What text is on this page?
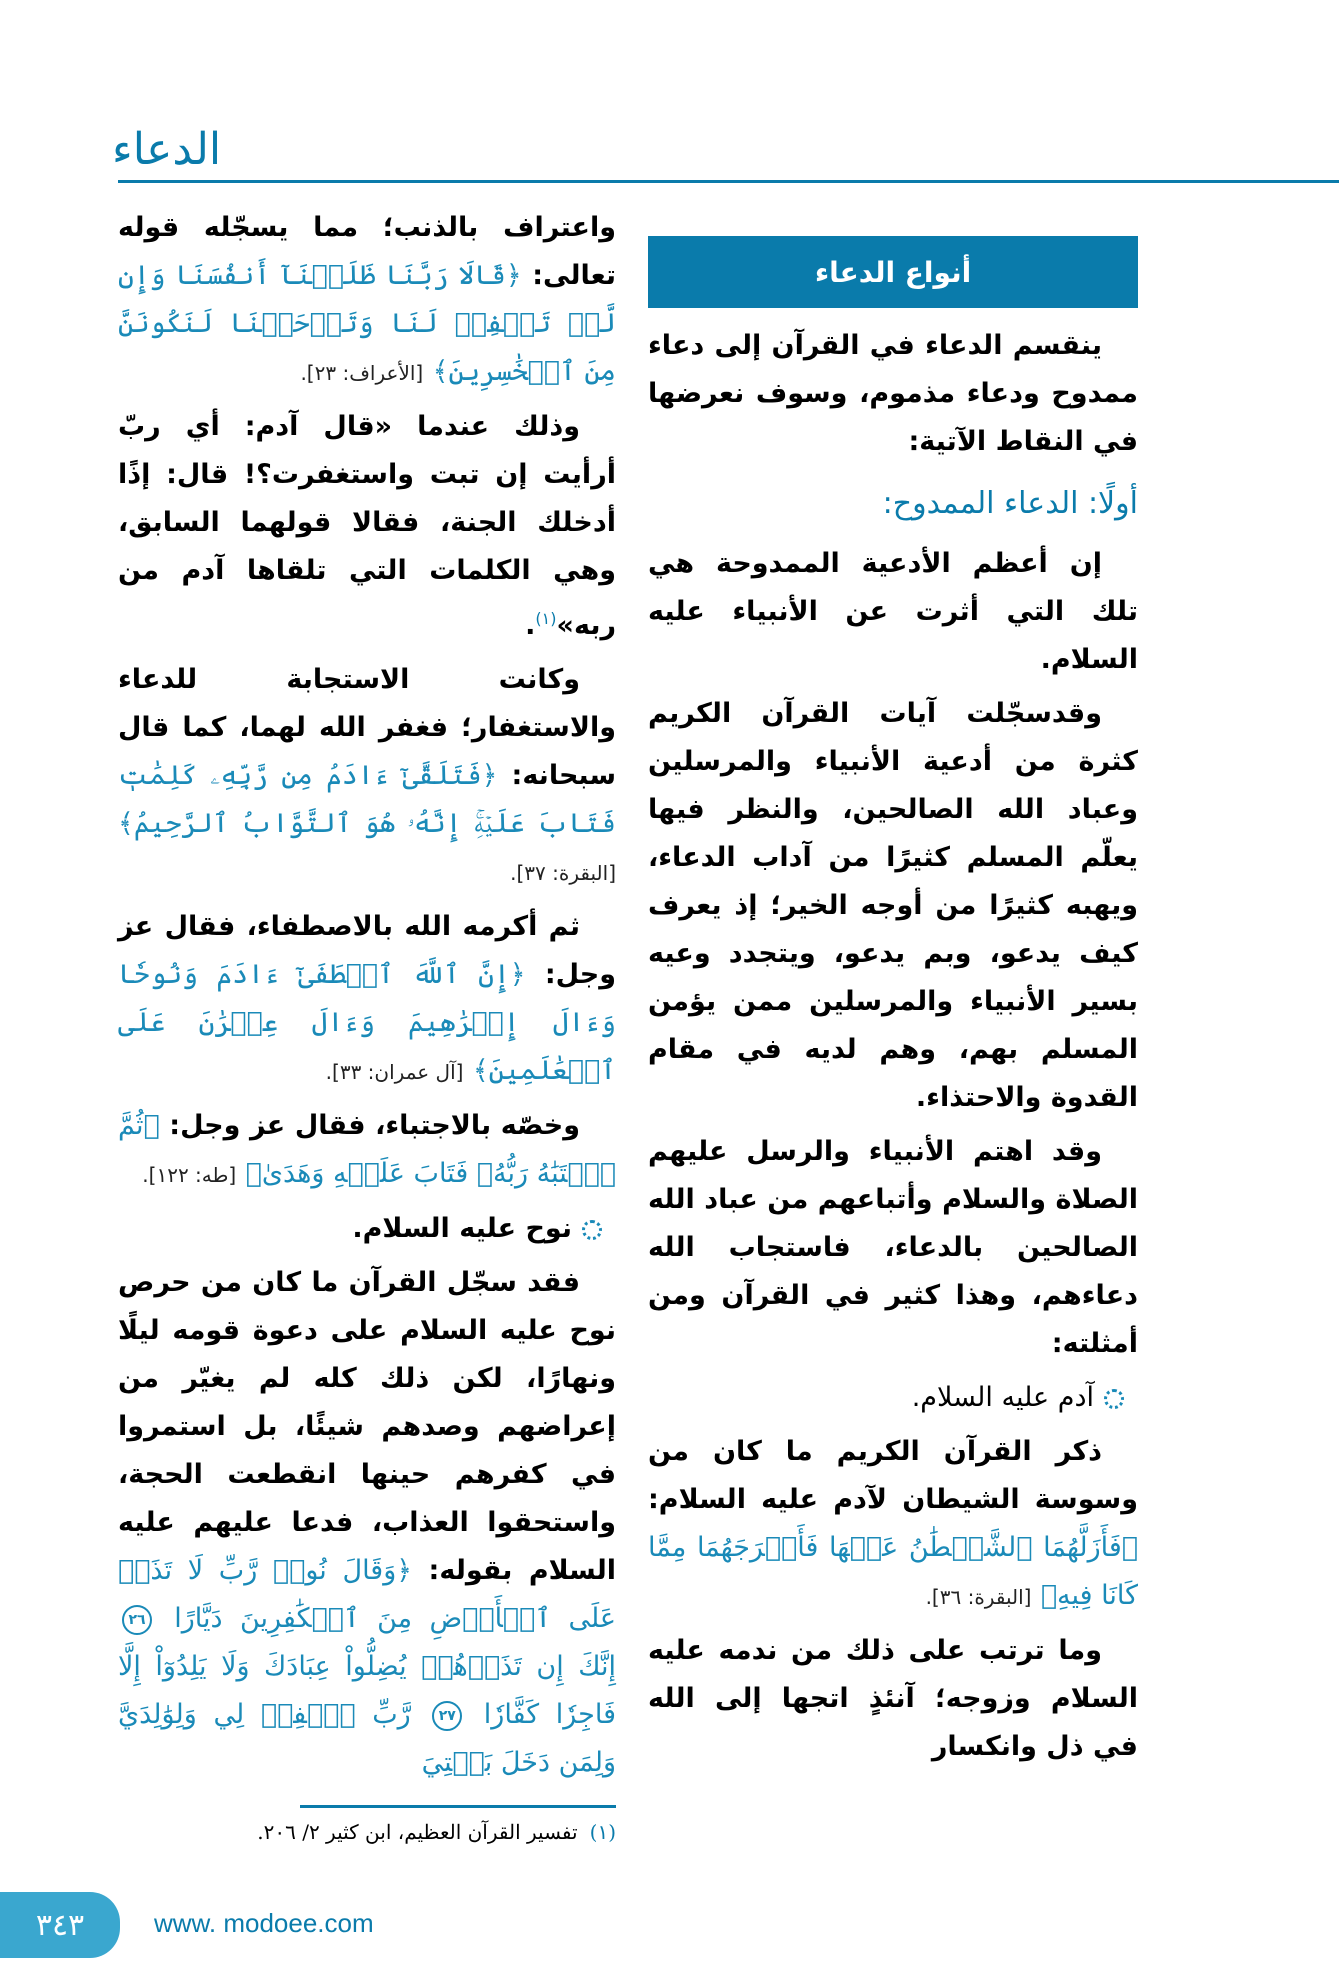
الدعاء
أنواع الدعاء

ينقسم الدعاء في القرآن إلى دعاء ممدوح ودعاء مذموم، وسوف نعرضها في النقاط الآتية:

أولًا: الدعاء الممدوح:

إن أعظم الأدعية الممدوحة هي تلك التي أثرت عن الأنبياء عليه السلام.

وقدسجّلت آيات القرآن الكريم كثرة من أدعية الأنبياء والمرسلين وعباد الله الصالحين، والنظر فيها يعلّم المسلم كثيرًا من آداب الدعاء، ويهبه كثيرًا من أوجه الخير؛ إذ يعرف كيف يدعو، وبم يدعو، ويتجدد وعيه بسير الأنبياء والمرسلين ممن يؤمن المسلم بهم، وهم لديه في مقام القدوة والاحتذاء.

وقد اهتم الأنبياء والرسل عليهم الصلاة والسلام وأتباعهم من عباد الله الصالحين بالدعاء، فاستجاب الله دعاءهم، وهذا كثير في القرآن ومن أمثلته:

آدم عليه السلام.

ذكر القرآن الكريم ما كان من وسوسة الشيطان لآدم عليه السلام: ﴿فَأَزَلَّهُمَا ٱلشَّيۡطَٰنُ عَنۡهَا فَأَخۡرَجَهُمَا مِمَّا كَانَا فِيهِ﴾ [البقرة: ٣٦].

وما ترتب على ذلك من ندمه عليه السلام وزوجه؛ آنئذٍ اتجها إلى الله في ذل وانكسار

واعتراف بالذنب؛ مما يسجّله قوله تعالى: ﴿قَالَا رَبَّنَا ظَلَمۡنَآ أَنفُسَنَا وَإِن لَّمۡ تَغۡفِرۡ لَنَا وَتَرۡحَمۡنَا لَنَكُونَنَّ مِنَ ٱلۡخَٰسِرِينَ﴾ [الأعراف: ٢٣].

وذلك عندما «قال آدم: أي ربّ أرأيت إن تبت واستغفرت؟! قال: إذًا أدخلك الجنة، فقالا قولهما السابق، وهي الكلمات التي تلقاها آدم من ربه»$^{(١)}$.

وكانت الاستجابة للدعاء والاستغفار؛ فغفر الله لهما، كما قال سبحانه: ﴿فَتَلَقَّىٰٓ ءَادَمُ مِن رَّبِّهِۦ كَلِمَٰتٖ فَتَابَ عَلَيۡهِۚ إِنَّهُۥ هُوَ ٱلتَّوَّابُ ٱلرَّحِيمُ﴾ [البقرة: ٣٧].

ثم أكرمه الله بالاصطفاء، فقال عز وجل: ﴿إِنَّ ٱللَّهَ ٱصۡطَفَىٰٓ ءَادَمَ وَنُوحٗا وَءَالَ إِبۡرَٰهِيمَ وَءَالَ عِمۡرَٰنَ عَلَى ٱلۡعَٰلَمِينَ﴾ [آل عمران: ٣٣].

وخصّه بالاجتباء، فقال عز وجل: ﴿ثُمَّ ٱجۡتَبَٰهُ رَبُّهُۥ فَتَابَ عَلَيۡهِ وَهَدَىٰ﴾ [طه: ١٢٢].

نوح عليه السلام.

فقد سجّل القرآن ما كان من حرص نوح عليه السلام على دعوة قومه ليلًا ونهارًا، لكن ذلك كله لم يغيّر من إعراضهم وصدهم شيئًا، بل استمروا في كفرهم حينها انقطعت الحجة، واستحقوا العذاب، فدعا عليهم عليه السلام بقوله: ﴿وَقَالَ نُوحٞ رَّبِّ لَا تَذَرۡ عَلَى ٱلۡأَرۡضِ مِنَ ٱلۡكَٰفِرِينَ دَيَّارًا ٢٦ إِنَّكَ إِن تَذَرۡهُمۡ يُضِلُّواْ عِبَادَكَ وَلَا يَلِدُوٓاْ إِلَّا فَاجِرٗا كَفَّارٗا ٢٧ رَّبِّ ٱغۡفِرۡ لِي وَلِوَٰلِدَيَّ وَلِمَن دَخَلَ بَيۡتِيَ

(١)تفسير القرآن العظيم، ابن كثير ٢/ ٢٠٦.
٣٤٣	www. modoee.com
